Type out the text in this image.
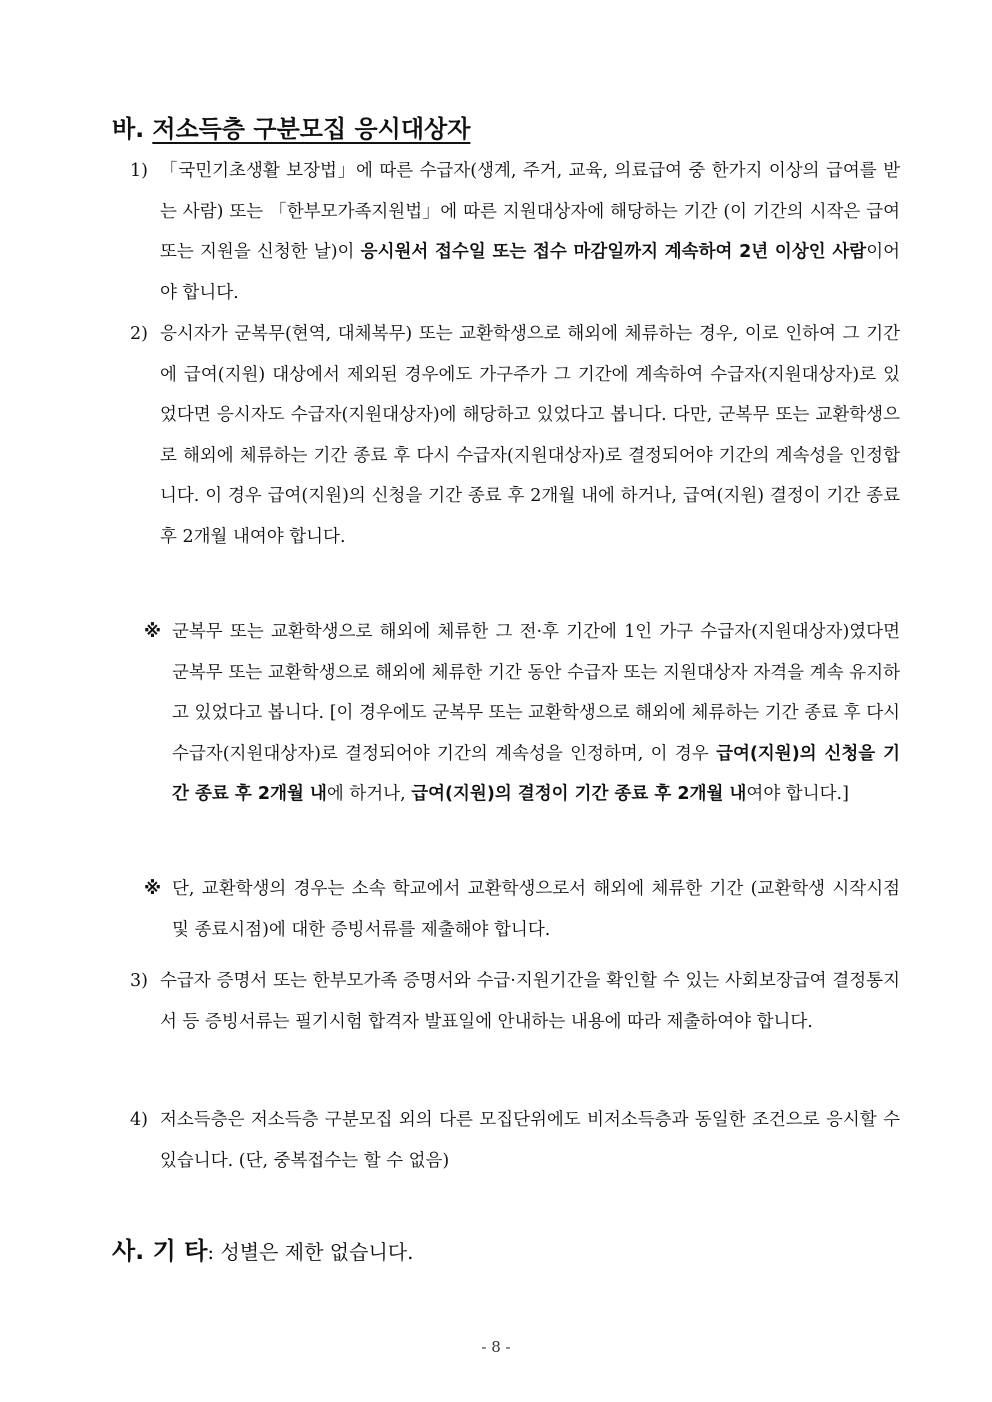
바. 저소득층 구분모집 응시대상자
1) 「국민기초생활 보장법」에 따른 수급자(생계, 주거, 교육, 의료급여 중 한가지 이상의 급여를 받는 사람) 또는 「한부모가족지원법」에 따른 지원대상자에 해당하는 기간 (이 기간의 시작은 급여 또는 지원을 신청한 날)이 응시원서 접수일 또는 접수 마감일까지 계속하여 2년 이상인 사람이어야 합니다.
2) 응시자가 군복무(현역, 대체복무) 또는 교환학생으로 해외에 체류하는 경우, 이로 인하여 그 기간에 급여(지원) 대상에서 제외된 경우에도 가구주가 그 기간에 계속하여 수급자(지원대상자)로 있었다면 응시자도 수급자(지원대상자)에 해당하고 있었다고 봅니다. 다만, 군복무 또는 교환학생으로 해외에 체류하는 기간 종료 후 다시 수급자(지원대상자)로 결정되어야 기간의 계속성을 인정합니다. 이 경우 급여(지원)의 신청을 기간 종료 후 2개월 내에 하거나, 급여(지원) 결정이 기간 종료 후 2개월 내여야 합니다.
※ 군복무 또는 교환학생으로 해외에 체류한 그 전·후 기간에 1인 가구 수급자(지원대상자)였다면 군복무 또는 교환학생으로 해외에 체류한 기간 동안 수급자 또는 지원대상자 자격을 계속 유지하고 있었다고 봅니다. [이 경우에도 군복무 또는 교환학생으로 해외에 체류하는 기간 종료 후 다시 수급자(지원대상자)로 결정되어야 기간의 계속성을 인정하며, 이 경우 급여(지원)의 신청을 기간 종료 후 2개월 내에 하거나, 급여(지원)의 결정이 기간 종료 후 2개월 내여야 합니다.]
※ 단, 교환학생의 경우는 소속 학교에서 교환학생으로서 해외에 체류한 기간 (교환학생 시작시점 및 종료시점)에 대한 증빙서류를 제출해야 합니다.
3) 수급자 증명서 또는 한부모가족 증명서와 수급·지원기간을 확인할 수 있는 사회보장급여 결정통지서 등 증빙서류는 필기시험 합격자 발표일에 안내하는 내용에 따라 제출하여야 합니다.
4) 저소득층은 저소득층 구분모집 외의 다른 모집단위에도 비저소득층과 동일한 조건으로 응시할 수 있습니다. (단, 중복접수는 할 수 없음)
사. 기 타: 성별은 제한 없습니다.
- 8 -
